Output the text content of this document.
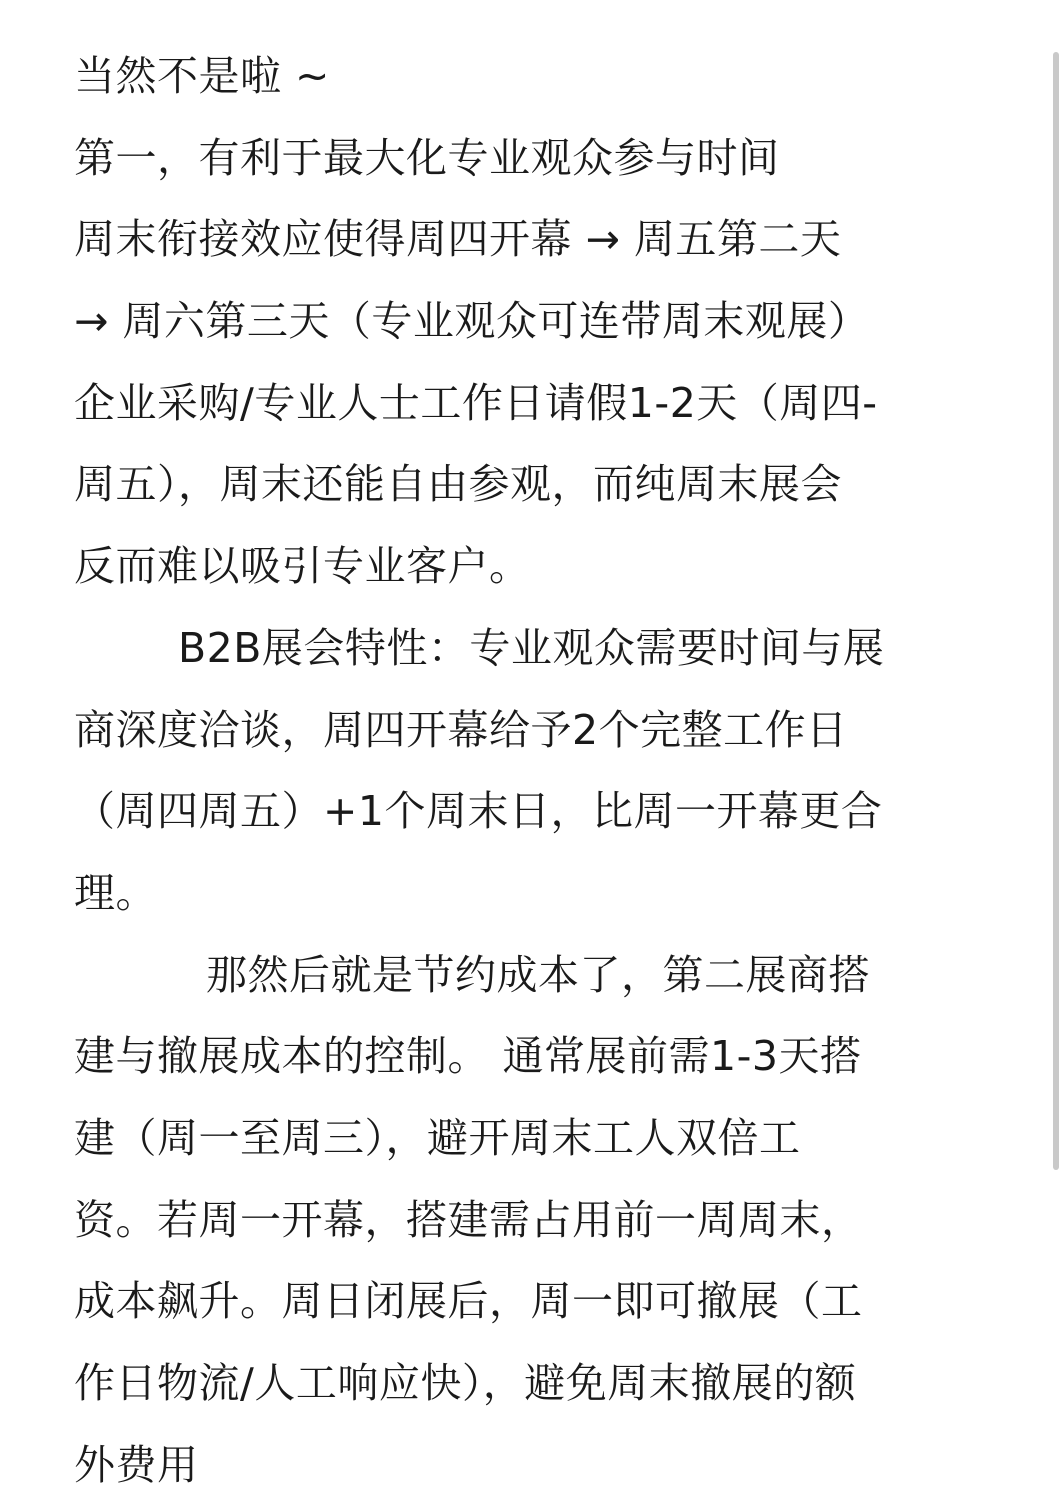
当然不是啦 ~
第一，有利于最大化专业观众参与时间
周末衔接效应使得周四开幕 → 周五第二天
→ 周六第三天（专业观众可连带周末观展）
企业采购/专业人士工作日请假1-2天（周四-
周五），周末还能自由参观，而纯周末展会
反而难以吸引专业客户。
B2B展会特性：专业观众需要时间与展
商深度洽谈，周四开幕给予2个完整工作日
（周四周五）+1个周末日，比周一开幕更合
理。
那然后就是节约成本了，第二展商搭
建与撤展成本的控制。 通常展前需1-3天搭
建（周一至周三），避开周末工人双倍工
资。若周一开幕，搭建需占用前一周周末，
成本飙升。周日闭展后，周一即可撤展（工
作日物流/人工响应快），避免周末撤展的额
外费用
